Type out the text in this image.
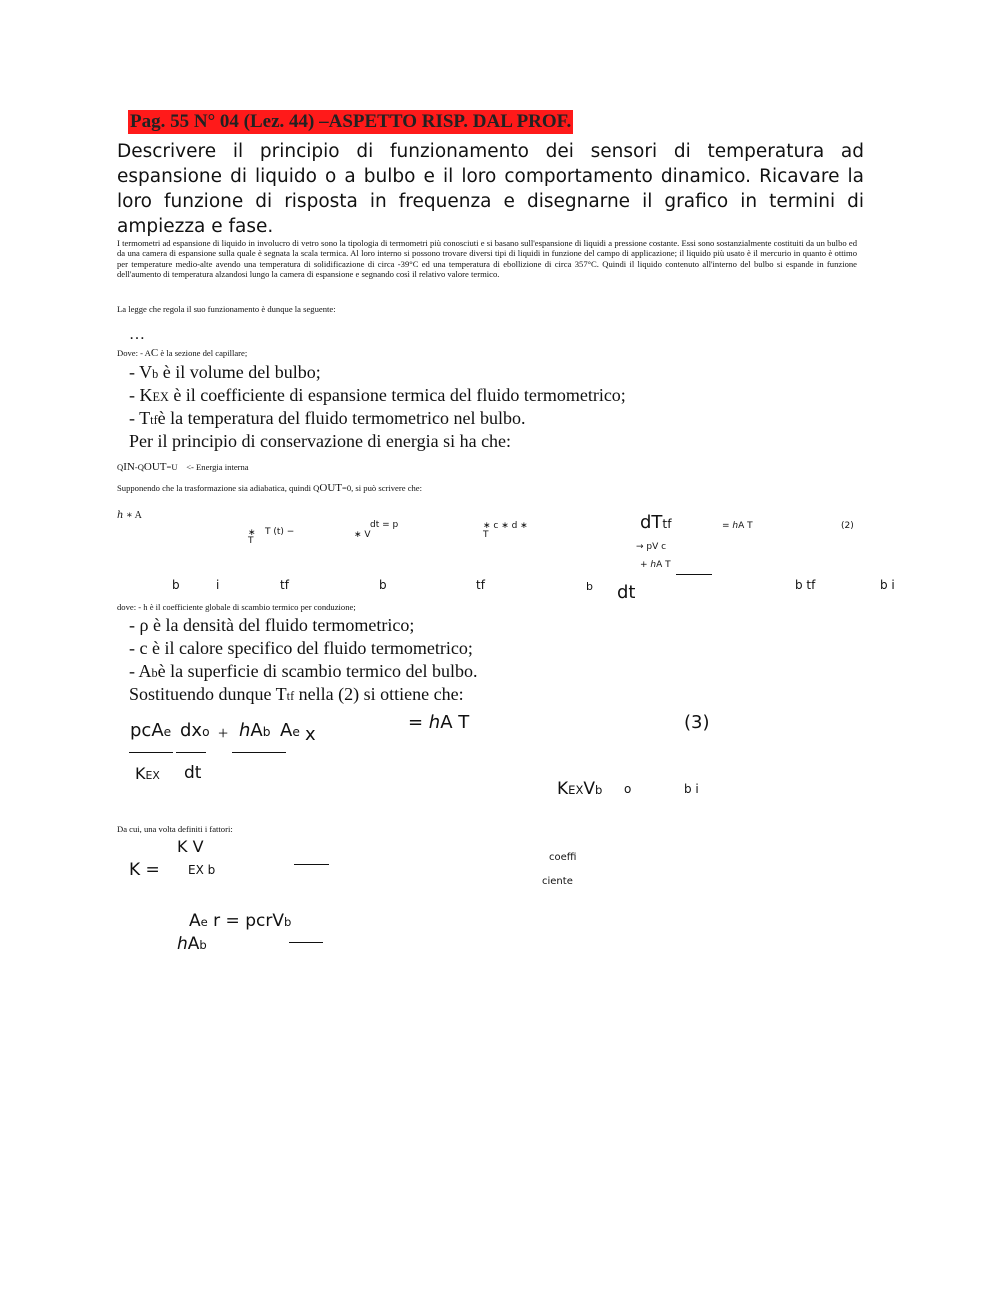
Pag. 55 N° 04 (Lez. 44) –ASPETTO RISP. DAL PROF.
Descrivere il principio di funzionamento dei sensori di temperatura ad espansione di liquido o a bulbo e il loro comportamento dinamico. Ricavare la loro funzione di risposta in frequenza e disegnarne il grafico in termini di ampiezza e fase.
I termometri ad espansione di liquido in involucro di vetro sono la tipologia di termometri più conosciuti e si basano sull'espansione di liquidi a pressione costante. Essi sono sostanzialmente costituiti da un bulbo ed da una camera di espansione sulla quale è segnata la scala termica. Al loro interno si possono trovare diversi tipi di liquidi in funzione del campo di applicazione; il liquido più usato è il mercurio in quanto è ottimo per temperature medio-alte avendo una temperatura di solidificazione di circa -39°C ed una temperatura di ebollizione di circa 357°C. Quindi il liquido contenuto all'interno del bulbo si espande in funzione dell'aumento di temperatura alzandosi lungo la camera di espansione e segnando così il relativo valore termico.
La legge che regola il suo funzionamento è dunque la seguente:
…
Dove: - AC è la sezione del capillare;
- Vb è il volume del bulbo;
- KEX è il coefficiente di espansione termica del fluido termometrico;
- Ttfè la temperatura del fluido termometrico nel bulbo.
Per il principio di conservazione di energia si ha che:
QIN-QOUT=U <- Energia interna
Supponendo che la trasformazione sia adiabatica, quindi QOUT=0, si può scrivere che:
ℎ ∗ A
∗
T
T (t) −
dt = p
∗ V
∗ c ∗ d ∗
T
dTtf	= ℎA T	(2)
→ pV c
+ ℎA T
b	i	tf	b	tf	b dt	b tf	b i
dove: - h è il coefficiente globale di scambio termico per conduzione;
- ρ è la densità del fluido termometrico;
- c è il calore specifico del fluido termometrico;
- Abè la superficie di scambio termico del bulbo.
Sostituendo dunque Ttf nella (2) si ottiene che:
pcAe dxo + ℎAb Ae x
= ℎA T	(3)
KEX dt
KEXVb o	b i
Da cui, una volta definiti i fattori:
K V
K = EX b
coeffi
ciente
Ae r = pcrVb
ℎAb
